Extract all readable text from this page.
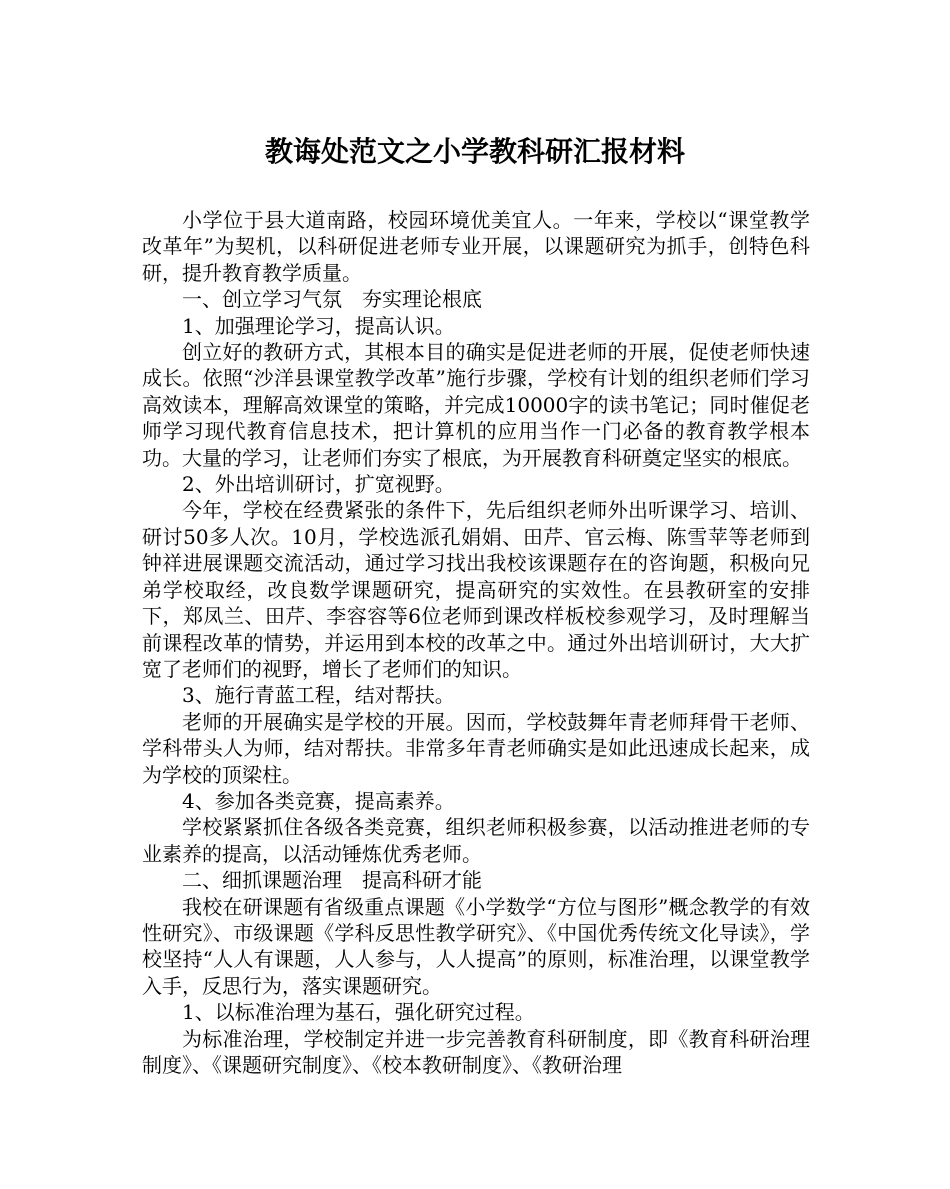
教诲处范文之小学教科研汇报材料

小学位于县大道南路，校园环境优美宜人。一年来，学校以“课堂教学改革年”为契机，以科研促进老师专业开展，以课题研究为抓手，创特色科研，提升教育教学质量。

一、创立学习气氛　夯实理论根底

1、加强理论学习，提高认识。

创立好的教研方式，其根本目的确实是促进老师的开展，促使老师快速成长。依照“沙洋县课堂教学改革”施行步骤，学校有计划的组织老师们学习高效读本，理解高效课堂的策略，并完成10000字的读书笔记；同时催促老师学习现代教育信息技术，把计算机的应用当作一门必备的教育教学根本功。大量的学习，让老师们夯实了根底，为开展教育科研奠定坚实的根底。

2、外出培训研讨，扩宽视野。

今年，学校在经费紧张的条件下，先后组织老师外出听课学习、培训、研讨50多人次。10月，学校选派孔娟娟、田芹、官云梅、陈雪苹等老师到钟祥进展课题交流活动，通过学习找出我校该课题存在的咨询题，积极向兄弟学校取经，改良数学课题研究，提高研究的实效性。在县教研室的安排下，郑凤兰、田芹、李容容等6位老师到课改样板校参观学习，及时理解当前课程改革的情势，并运用到本校的改革之中。通过外出培训研讨，大大扩宽了老师们的视野，增长了老师们的知识。

3、施行青蓝工程，结对帮扶。

老师的开展确实是学校的开展。因而，学校鼓舞年青老师拜骨干老师、学科带头人为师，结对帮扶。非常多年青老师确实是如此迅速成长起来，成为学校的顶梁柱。

4、参加各类竞赛，提高素养。

学校紧紧抓住各级各类竞赛，组织老师积极参赛，以活动推进老师的专业素养的提高，以活动锤炼优秀老师。

二、细抓课题治理　提高科研才能

我校在研课题有省级重点课题《小学数学“方位与图形”概念教学的有效性研究》、市级课题《学科反思性教学研究》、《中国优秀传统文化导读》，学校坚持“人人有课题，人人参与，人人提高”的原则，标准治理，以课堂教学入手，反思行为，落实课题研究。

1、以标准治理为基石，强化研究过程。

为标准治理，学校制定并进一步完善教育科研制度，即《教育科研治理制度》、《课题研究制度》、《校本教研制度》、《教研治理
